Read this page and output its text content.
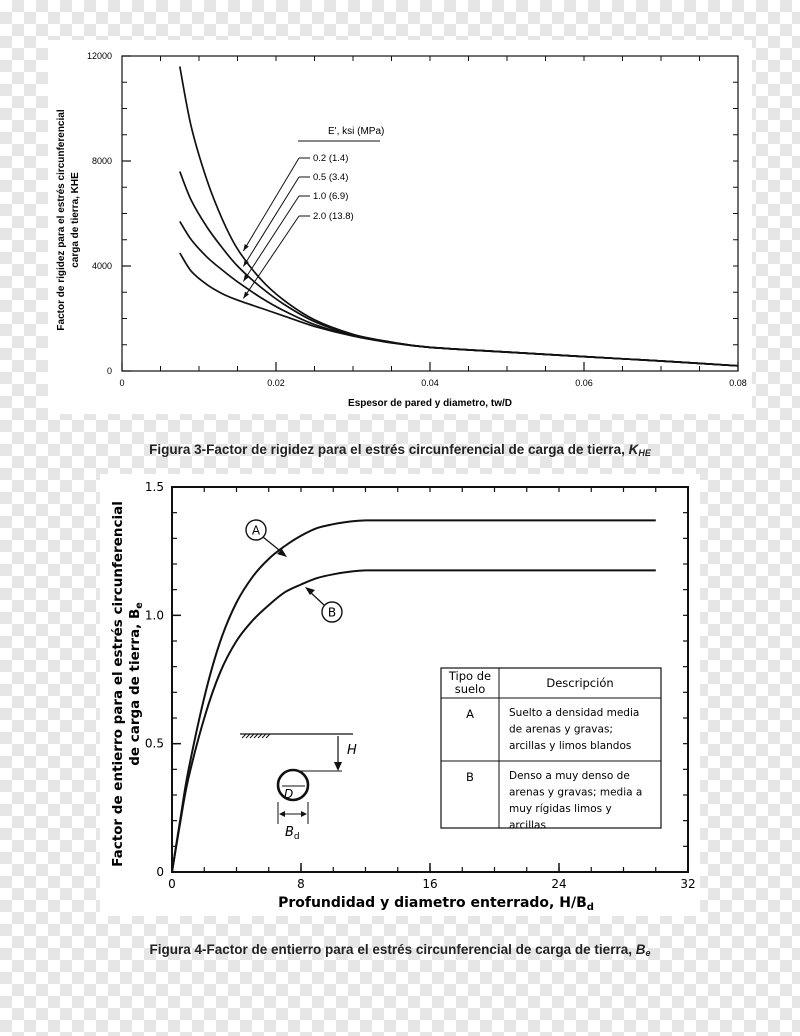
0	0.02	0.04	0.06	0.08
0
4000
8000
12000
E', ksi (MPa)
0.2 (1.4)
0.5 (3.4)
1.0 (6.9)
2.0 (13.8)
Espesor de pared y diametro, tw/D
Factor de rigidez para el estrés circunferencial carga de tierra, KHE
Figura 3-Factor de rigidez para el estrés circunferencial de carga de tierra, $K_{HE}$
0	8	16	24	32
0
0.5
1.0
1.5
A
B
H
D
$B_d$
Tipo de
suelo	Descripción
A	Suelto a densidad media
de arenas y gravas;
arcillas y limos blandos
B	Denso a muy denso de
arenas y gravas; media a
muy rígidas limos y
arcillas
Profundidad y diametro enterrado, $H/B_d$
Factor de entierro para el estrés circunferencial de carga de tierra, $B_e$
Figura 4-Factor de entierro para el estrés circunferencial de carga de tierra, $B_e$
